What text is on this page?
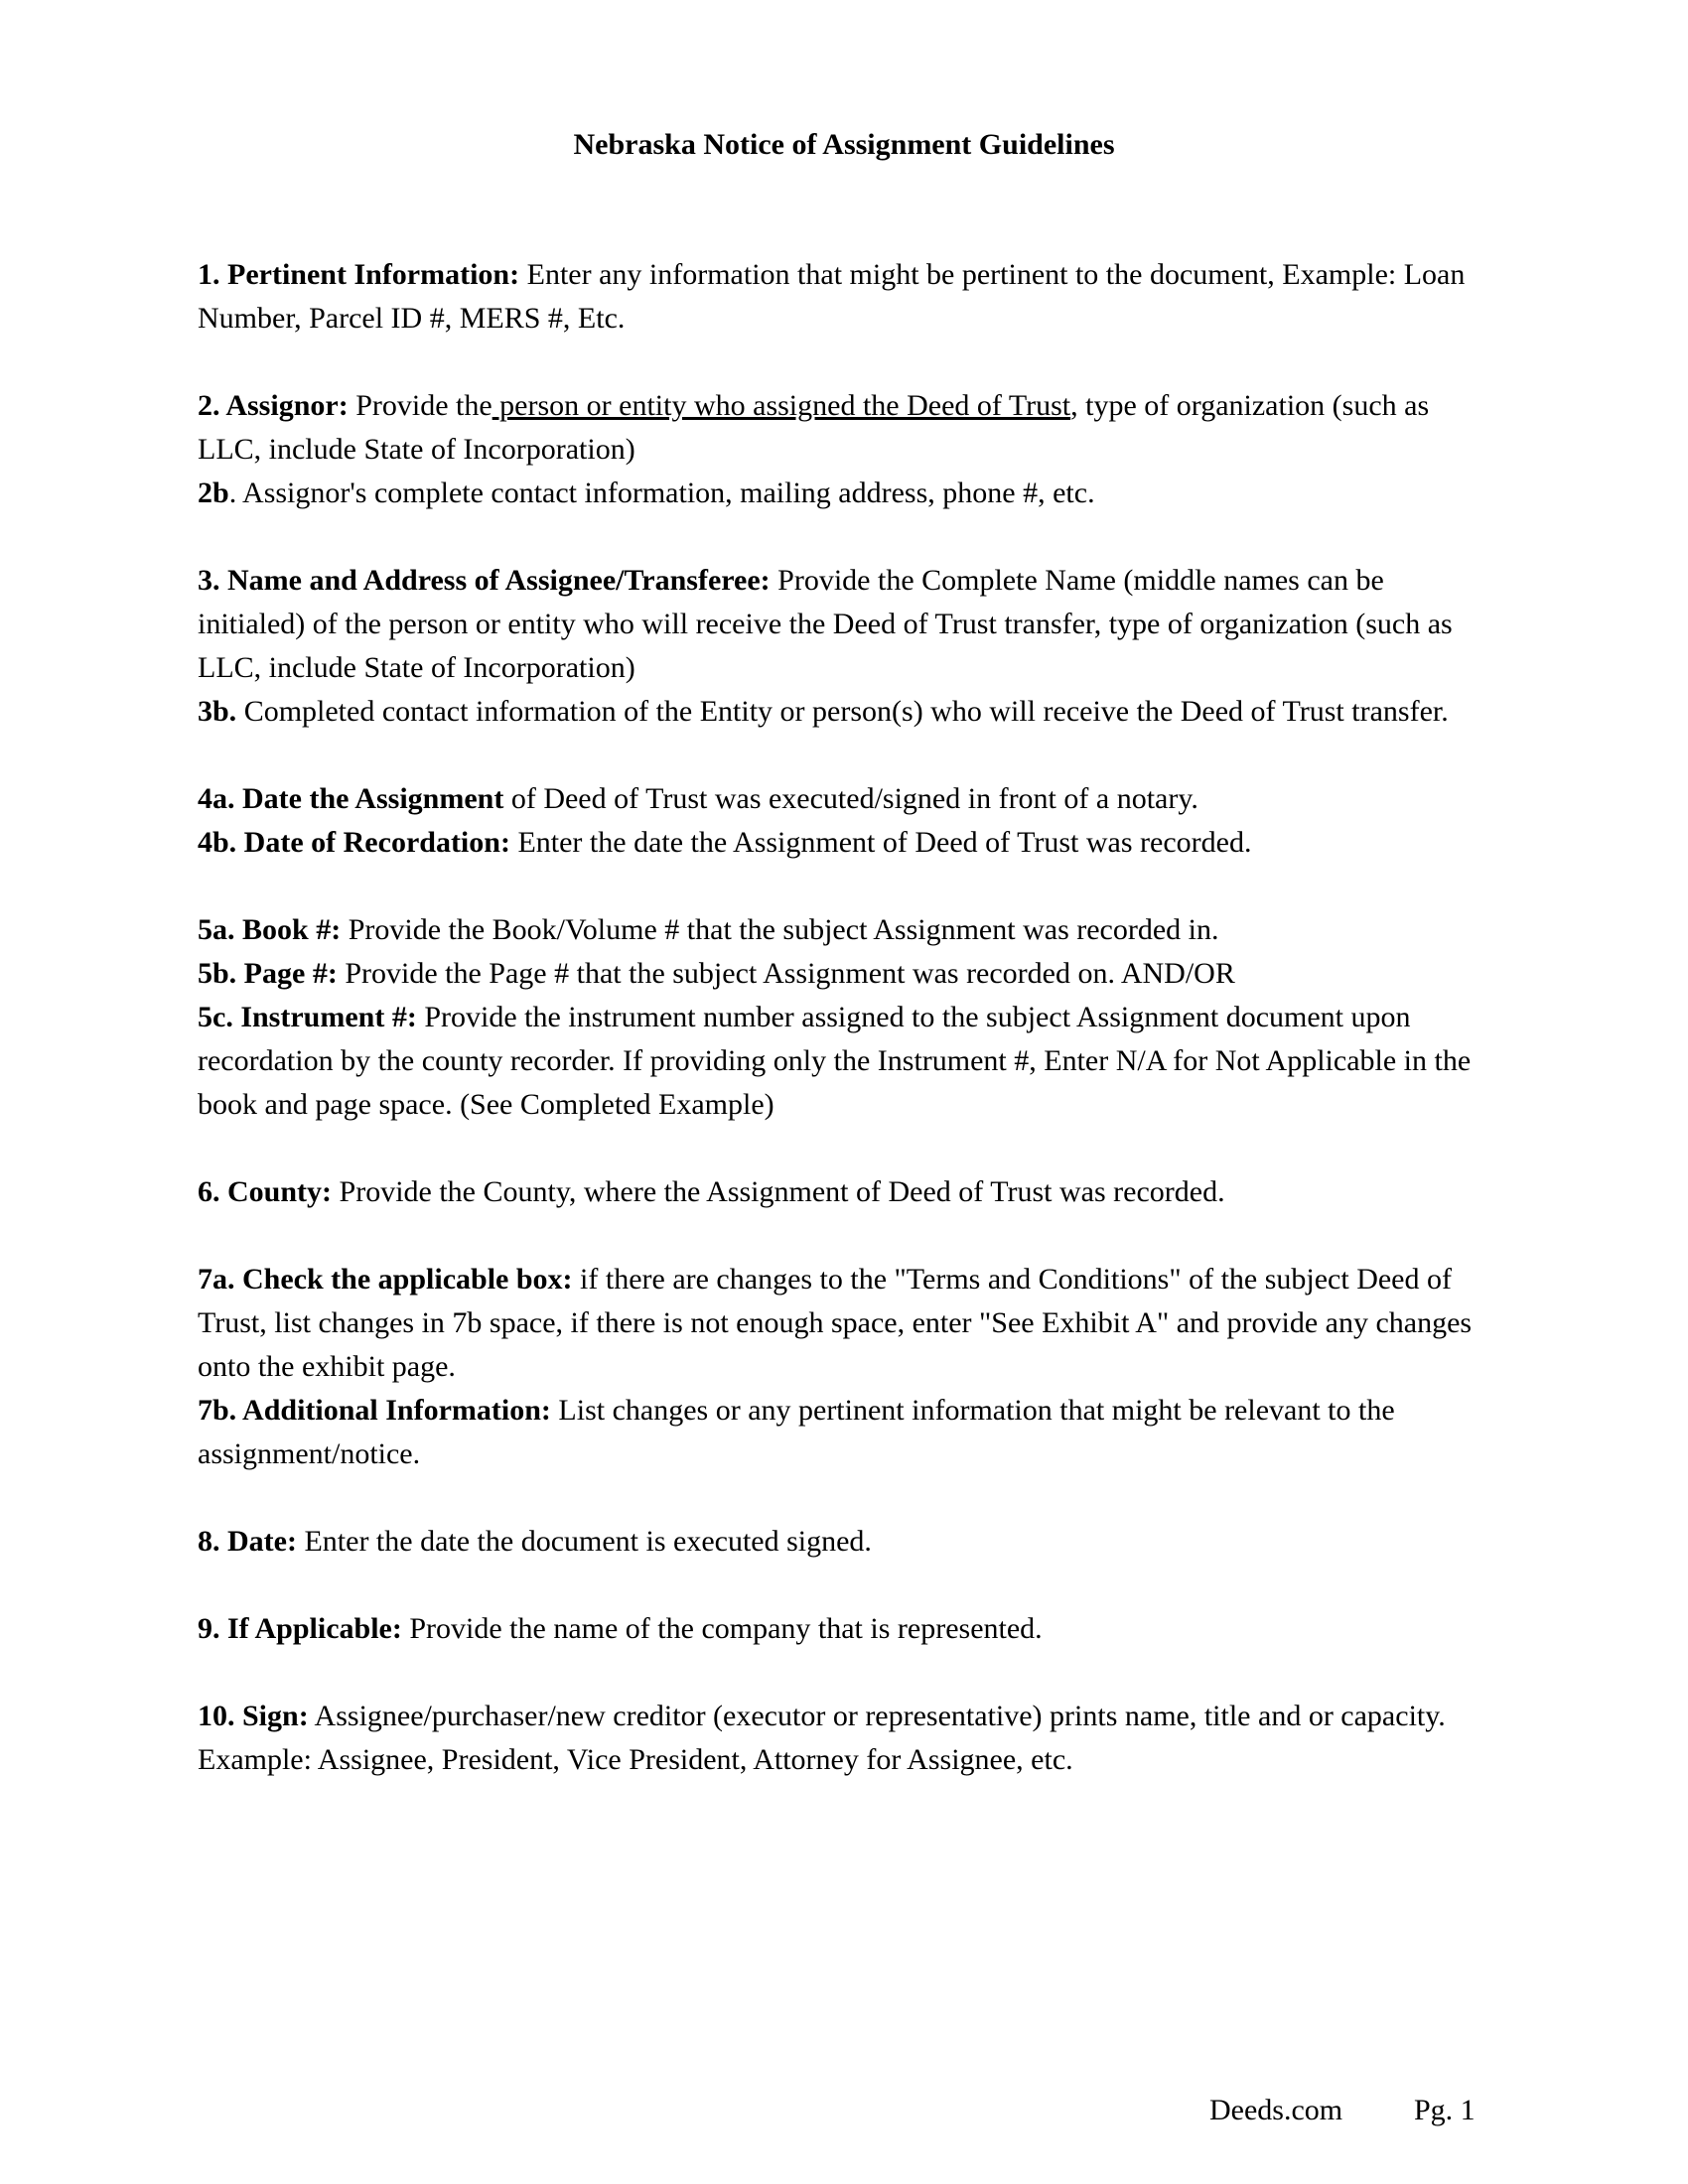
Nebraska Notice of Assignment Guidelines

1. Pertinent Information: Enter any information that might be pertinent to the document, Example: Loan Number, Parcel ID #, MERS #, Etc.

2. Assignor: Provide the person or entity who assigned the Deed of Trust, type of organization (such as LLC, include State of Incorporation)

2b. Assignor's complete contact information, mailing address, phone #, etc.

3. Name and Address of Assignee/Transferee: Provide the Complete Name (middle names can be initialed) of the person or entity who will receive the Deed of Trust transfer, type of organization (such as LLC, include State of Incorporation)

3b. Completed contact information of the Entity or person(s) who will receive the Deed of Trust transfer.

4a. Date the Assignment of Deed of Trust was executed/signed in front of a notary.

4b. Date of Recordation: Enter the date the Assignment of Deed of Trust was recorded.

5a. Book #: Provide the Book/Volume # that the subject Assignment was recorded in.

5b. Page #: Provide the Page # that the subject Assignment was recorded on. AND/OR

5c. Instrument #: Provide the instrument number assigned to the subject Assignment document upon recordation by the county recorder. If providing only the Instrument #, Enter N/A for Not Applicable in the book and page space. (See Completed Example)

6. County: Provide the County, where the Assignment of Deed of Trust was recorded.

7a. Check the applicable box: if there are changes to the "Terms and Conditions" of the subject Deed of Trust, list changes in 7b space, if there is not enough space, enter "See Exhibit A" and provide any changes onto the exhibit page.

7b. Additional Information: List changes or any pertinent information that might be relevant to the assignment/notice.

8. Date: Enter the date the document is executed signed.

9. If Applicable: Provide the name of the company that is represented.

10. Sign: Assignee/purchaser/new creditor (executor or representative) prints name, title and or capacity. Example: Assignee, President, Vice President, Attorney for Assignee, etc.

Deeds.com Pg. 1
